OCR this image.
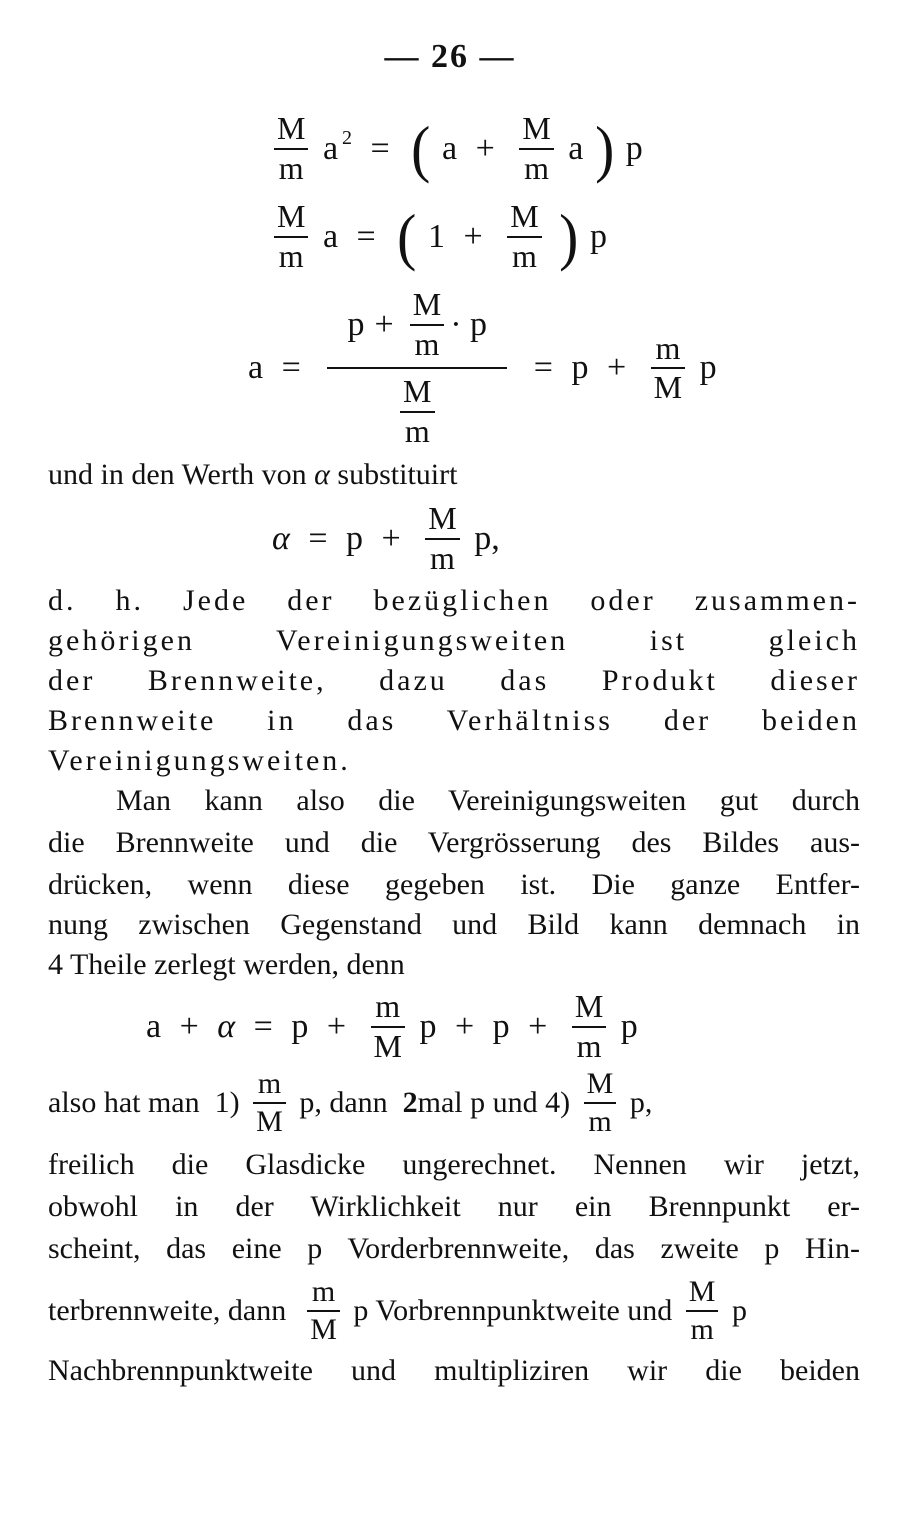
— 26 —
$\frac{M}{m}$ a 2 = ( $a + \frac{M}{m}$ a ) p
$\frac{M}{m}$ a = ( $1 + \frac{M}{m}$ ) p
a =
$p + \frac{M}{m}$ ·
p
$\frac{M}{m}$
= $p + \frac{m}{M}$ p
und in den Werth von α substituirt
$\alpha = p + \frac{M}{m} p$,
d. h. Jede der bezüglichen oder zusammen-
gehörigen Vereinigungsweiten ist gleich
der Brennweite, dazu das Produkt dieser
Brennweite in das Verhältniss der beiden
Vereinigungsweiten.
Man kann also die Vereinigungsweiten gut durch
die Brennweite und die Vergrösserung des Bildes aus-
drücken, wenn diese gegeben ist. Die ganze Entfer-
nung zwischen Gegenstand und Bild kann demnach in
4 Theile zerlegt werden, denn
$a + \alpha = p + \frac{m}{M}$ $p + p + \frac{M}{m}$ p
also hat man $1) \frac{m}{M} p$, dann 2mal p und $4) \frac{M}{m} p$,
freilich die Glasdicke ungerechnet. Nennen wir jetzt,
obwohl in der Wirklichkeit nur ein Brennpunkt er-
scheint, das eine p Vorderbrennweite, das zweite p Hin-
terbrennweite, dann $\frac{m}{M}$ p Vorbrennpunktweite und $\frac{M}{m}$ p
Nachbrennpunktweite und multipliziren wir die beiden
